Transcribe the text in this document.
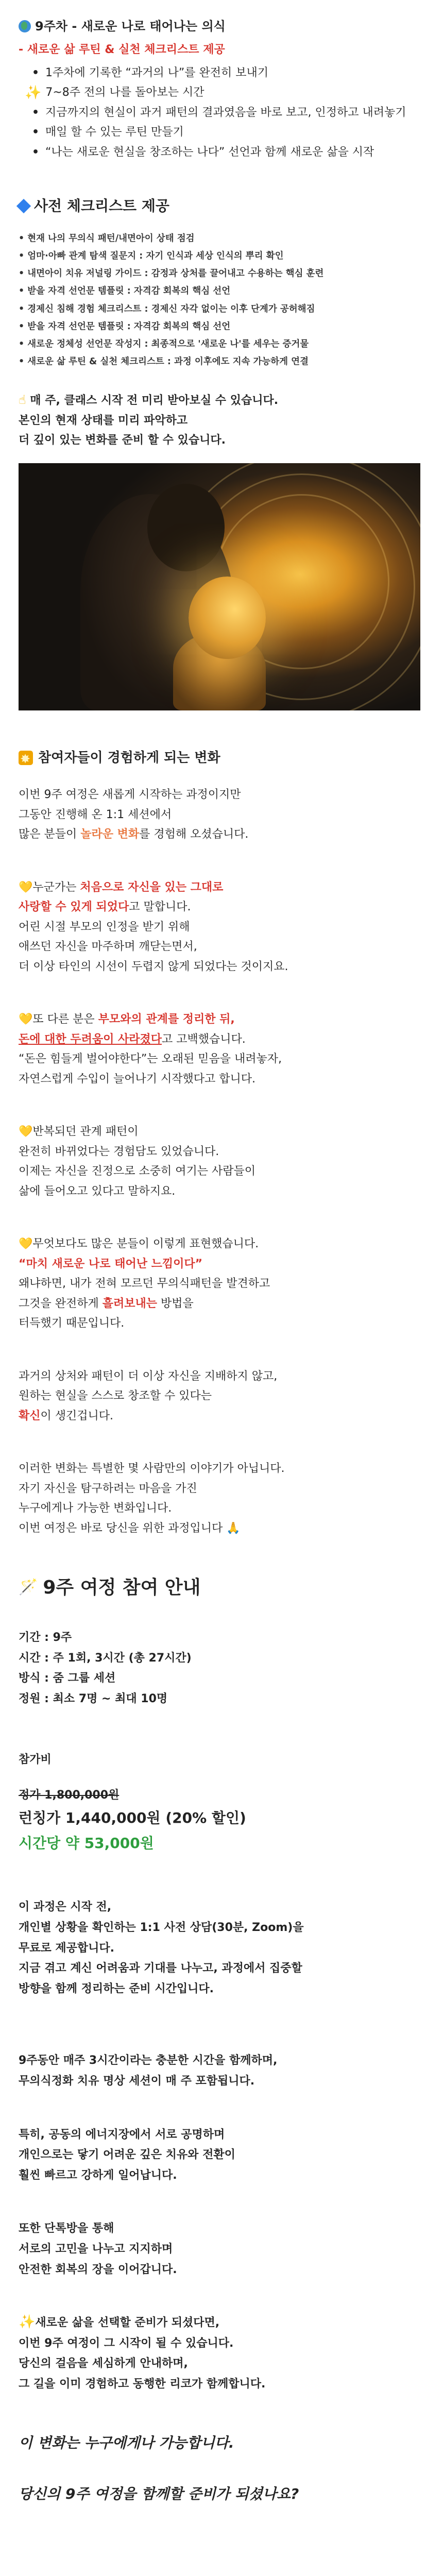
9주차 - 새로운 나로 태어나는 의식
- 새로운 삶 루틴 & 실천 체크리스트 제공
• 1주차에 기록한 “과거의 나”를 완전히 보내기
✨ 7~8주 전의 나를 돌아보는 시간
• 지금까지의 현실이 과거 패턴의 결과였음을 바로 보고, 인정하고 내려놓기
• 매일 할 수 있는 루틴 만들기
• “나는 새로운 현실을 창조하는 나다” 선언과 함께 새로운 삶을 시작
사전 체크리스트 제공
• 현재 나의 무의식 패턴/내면아이 상태 점검
• 엄마·아빠 관계 탐색 질문지 : 자기 인식과 세상 인식의 뿌리 확인
• 내면아이 치유 저널링 가이드 : 감정과 상처를 끌어내고 수용하는 핵심 훈련
• 받을 자격 선언문 템플릿 : 자격감 회복의 핵심 선언
• 경제신 침해 경험 체크리스트 : 경제신 자각 없이는 이후 단계가 공허해짐
• 받을 자격 선언문 템플릿 : 자격감 회복의 핵심 선언
• 새로운 정체성 선언문 작성지 : 최종적으로 '새로운 나'를 세우는 증거물
• 새로운 삶 루틴 & 실천 체크리스트 : 과정 이후에도 지속 가능하게 연결

☝ 매 주, 클래스 시작 전 미리 받아보실 수 있습니다.

본인의 현재 상태를 미리 파악하고

더 깊이 있는 변화를 준비 할 수 있습니다.

✸
참여자들이 경험하게 되는 변화

이번 9주 여정은 새롭게 시작하는 과정이지만

그동안 진행해 온 1:1 세션에서

많은 분들이 놀라운 변화를 경험해 오셨습니다.

💛누군가는 처음으로 자신을 있는 그대로

사랑할 수 있게 되었다고 말합니다.

어린 시절 부모의 인정을 받기 위해

애쓰던 자신을 마주하며 깨닫는면서,

더 이상 타인의 시선이 두렵지 않게 되었다는 것이지요.

💛또 다른 분은 부모와의 관계를 정리한 뒤,

돈에 대한 두려움이 사라졌다고 고백했습니다.

“돈은 힘들게 벌어야한다”는 오래된 믿음을 내려놓자,

자연스럽게 수입이 늘어나기 시작했다고 합니다.

💛반복되던 관계 패턴이

완전히 바뀌었다는 경험담도 있었습니다.

이제는 자신을 진정으로 소중히 여기는 사람들이

삶에 들어오고 있다고 말하지요.

💛무엇보다도 많은 분들이 이렇게 표현했습니다.

“마치 새로운 나로 태어난 느낌이다”

왜냐하면, 내가 전혀 모르던 무의식패턴을 발견하고

그것을 완전하게 흘려보내는 방법을

터득했기 때문입니다.

과거의 상처와 패턴이 더 이상 자신을 지배하지 않고,

원하는 현실을 스스로 창조할 수 있다는

확신이 생긴겁니다.

이러한 변화는 특별한 몇 사람만의 이야기가 아닙니다.

자기 자신을 탐구하려는 마음을 가진

누구에게나 가능한 변화입니다.

이번 여정은 바로 당신을 위한 과정입니다 🙏

🪄 9주 여정 참여 안내

기간 : 9주

시간 : 주 1회, 3시간 (총 27시간)

방식 : 줌 그룹 세션

정원 : 최소 7명 ~ 최대 10명

참가비

정가 1,800,000원

런칭가 1,440,000원 (20% 할인)

시간당 약 53,000원

이 과정은 시작 전,

개인별 상황을 확인하는 1:1 사전 상담(30분, Zoom)을

무료로 제공합니다.

지금 겪고 계신 어려움과 기대를 나누고, 과정에서 집중할

방향을 함께 정리하는 준비 시간입니다.

9주동안 매주 3시간이라는 충분한 시간을 함께하며,

무의식정화 치유 명상 세션이 매 주 포함됩니다.

특히, 공동의 에너지장에서 서로 공명하며

개인으로는 닿기 어려운 깊은 치유와 전환이

훨씬 빠르고 강하게 일어납니다.

또한 단톡방을 통해

서로의 고민을 나누고 지지하며

안전한 회복의 장을 이어갑니다.

✨새로운 삶을 선택할 준비가 되셨다면,

이번 9주 여정이 그 시작이 될 수 있습니다.

당신의 걸음을 세심하게 안내하며,

그 길을 이미 경험하고 동행한 리코가 함께합니다.

이 변화는 누구에게나 가능합니다.

당신의 9주 여정을 함께할 준비가 되셨나요?
